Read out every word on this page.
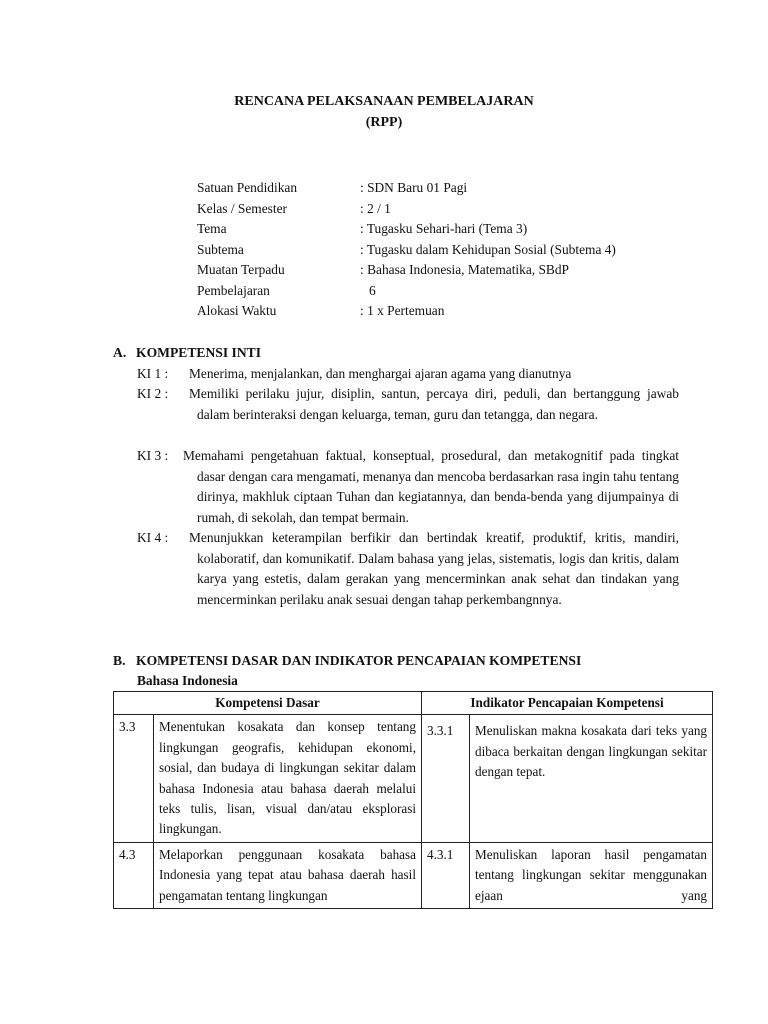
RENCANA PELAKSANAAN PEMBELAJARAN
(RPP)
Satuan Pendidikan	: SDN Baru 01 Pagi
Kelas / Semester	: 2 / 1
Tema	: Tugasku Sehari-hari (Tema 3)
Subtema	: Tugasku dalam Kehidupan Sosial (Subtema 4)
Muatan Terpadu	: Bahasa Indonesia, Matematika, SBdP
Pembelajaran	6
Alokasi Waktu	: 1 x Pertemuan
A. KOMPETENSI INTI
KI 1 :	Menerima, menjalankan, dan menghargai ajaran agama yang dianutnya
KI 2 :	Memiliki perilaku jujur, disiplin, santun, percaya diri, peduli, dan bertanggung jawab dalam berinteraksi dengan keluarga, teman, guru dan tetangga, dan negara.
KI 3 :	Memahami pengetahuan faktual, konseptual, prosedural, dan metakognitif pada tingkat dasar dengan cara mengamati, menanya dan mencoba berdasarkan rasa ingin tahu tentang dirinya, makhluk ciptaan Tuhan dan kegiatannya, dan benda-benda yang dijumpainya di rumah, di sekolah, dan tempat bermain.
KI 4 :	Menunjukkan keterampilan berfikir dan bertindak kreatif, produktif, kritis, mandiri, kolaboratif, dan komunikatif. Dalam bahasa yang jelas, sistematis, logis dan kritis, dalam karya yang estetis, dalam gerakan yang mencerminkan anak sehat dan tindakan yang mencerminkan perilaku anak sesuai dengan tahap perkembangnnya.
B. KOMPETENSI DASAR DAN INDIKATOR PENCAPAIAN KOMPETENSI
Bahasa Indonesia
Kompetensi Dasar		Indikator Pencapaian Kompetensi	
3.3	Menentukan kosakata dan konsep tentang lingkungan geografis, kehidupan ekonomi, sosial, dan budaya di lingkungan sekitar dalam bahasa Indonesia atau bahasa daerah melalui teks tulis, lisan, visual dan/atau eksplorasi lingkungan.	3.3.1	Menuliskan makna kosakata dari teks yang dibaca berkaitan dengan lingkungan sekitar dengan tepat.
4.3	Melaporkan penggunaan kosakata bahasa Indonesia yang tepat atau bahasa daerah hasil pengamatan tentang lingkungan	4.3.1	Menuliskan laporan hasil pengamatan tentang lingkungan sekitar menggunakan ejaan yang
